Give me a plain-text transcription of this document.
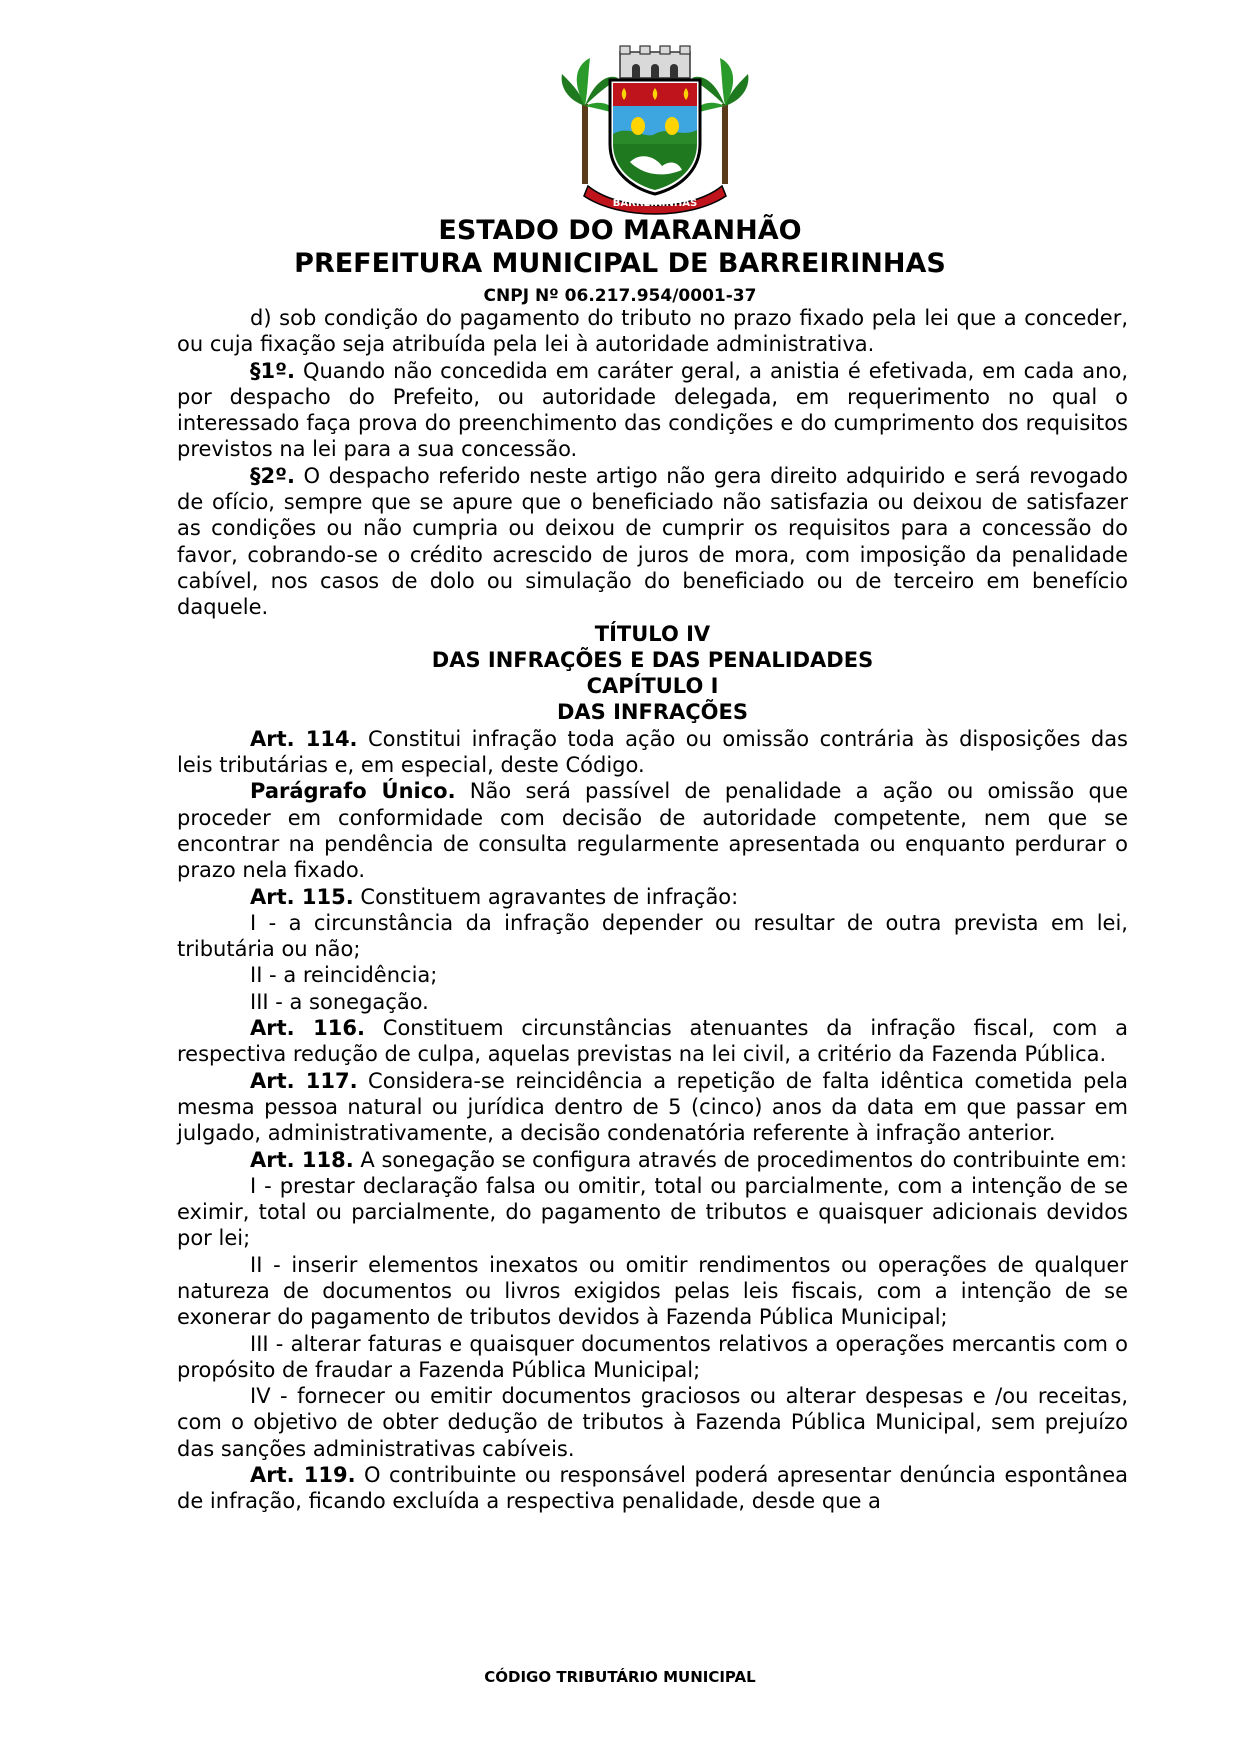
BARREIRINHAS
ESTADO DO MARANHÃO
PREFEITURA MUNICIPAL DE BARREIRINHAS
CNPJ Nº 06.217.954/0001-37

d) sob condição do pagamento do tributo no prazo fixado pela lei que a conceder, ou cuja fixação seja atribuída pela lei à autoridade administrativa.

§1º. Quando não concedida em caráter geral, a anistia é efetivada, em cada ano, por despacho do Prefeito, ou autoridade delegada, em requerimento no qual o interessado faça prova do preenchimento das condições e do cumprimento dos requisitos previstos na lei para a sua concessão.

§2º. O despacho referido neste artigo não gera direito adquirido e será revogado de ofício, sempre que se apure que o beneficiado não satisfazia ou deixou de satisfazer as condições ou não cumpria ou deixou de cumprir os requisitos para a concessão do favor, cobrando-se o crédito acrescido de juros de mora, com imposição da penalidade cabível, nos casos de dolo ou simulação do beneficiado ou de terceiro em benefício daquele.

TÍTULO IV

DAS INFRAÇÕES E DAS PENALIDADES

CAPÍTULO I

DAS INFRAÇÕES

Art. 114. Constitui infração toda ação ou omissão contrária às disposições das leis tributárias e, em especial, deste Código.

Parágrafo Único. Não será passível de penalidade a ação ou omissão que proceder em conformidade com decisão de autoridade competente, nem que se encontrar na pendência de consulta regularmente apresentada ou enquanto perdurar o prazo nela fixado.

Art. 115. Constituem agravantes de infração:

I - a circunstância da infração depender ou resultar de outra prevista em lei, tributária ou não;

II - a reincidência;

III - a sonegação.

Art. 116. Constituem circunstâncias atenuantes da infração fiscal, com a respectiva redução de culpa, aquelas previstas na lei civil, a critério da Fazenda Pública.

Art. 117. Considera-se reincidência a repetição de falta idêntica cometida pela mesma pessoa natural ou jurídica dentro de 5 (cinco) anos da data em que passar em julgado, administrativamente, a decisão condenatória referente à infração anterior.

Art. 118. A sonegação se configura através de procedimentos do contribuinte em:

I - prestar declaração falsa ou omitir, total ou parcialmente, com a intenção de se eximir, total ou parcialmente, do pagamento de tributos e quaisquer adicionais devidos por lei;

II - inserir elementos inexatos ou omitir rendimentos ou operações de qualquer natureza de documentos ou livros exigidos pelas leis fiscais, com a intenção de se exonerar do pagamento de tributos devidos à Fazenda Pública Municipal;

III - alterar faturas e quaisquer documentos relativos a operações mercantis com o propósito de fraudar a Fazenda Pública Municipal;

IV - fornecer ou emitir documentos graciosos ou alterar despesas e /ou receitas, com o objetivo de obter dedução de tributos à Fazenda Pública Municipal, sem prejuízo das sanções administrativas cabíveis.

Art. 119. O contribuinte ou responsável poderá apresentar denúncia espontânea de infração, ficando excluída a respectiva penalidade, desde que a

CÓDIGO TRIBUTÁRIO MUNICIPAL
